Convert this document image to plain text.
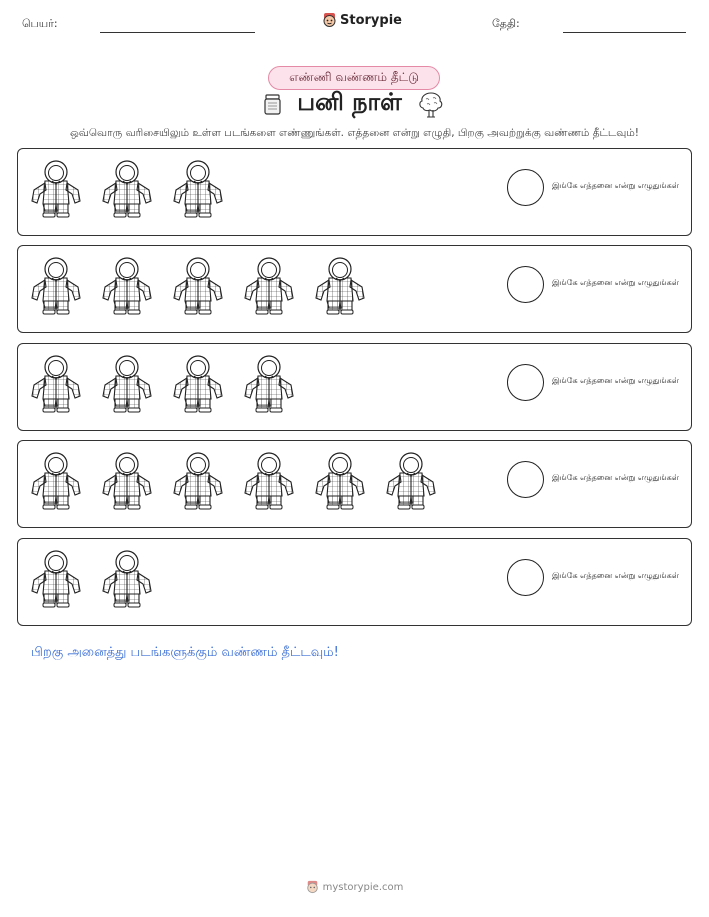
பெயர்:	Storypie	தேதி:
எண்ணி வண்ணம் தீட்டு
பனி நாள்
ஒவ்வொரு வரிசையிலும் உள்ள படங்களை எண்ணுங்கள். எத்தனை என்று எழுதி, பிறகு அவற்றுக்கு வண்ணம் தீட்டவும்!
இங்கே எத்தனை என்று எழுதுங்கள்
இங்கே எத்தனை என்று எழுதுங்கள்
இங்கே எத்தனை என்று எழுதுங்கள்
இங்கே எத்தனை என்று எழுதுங்கள்
இங்கே எத்தனை என்று எழுதுங்கள்
பிறகு அனைத்து படங்களுக்கும் வண்ணம் தீட்டவும்!
mystorypie.com
